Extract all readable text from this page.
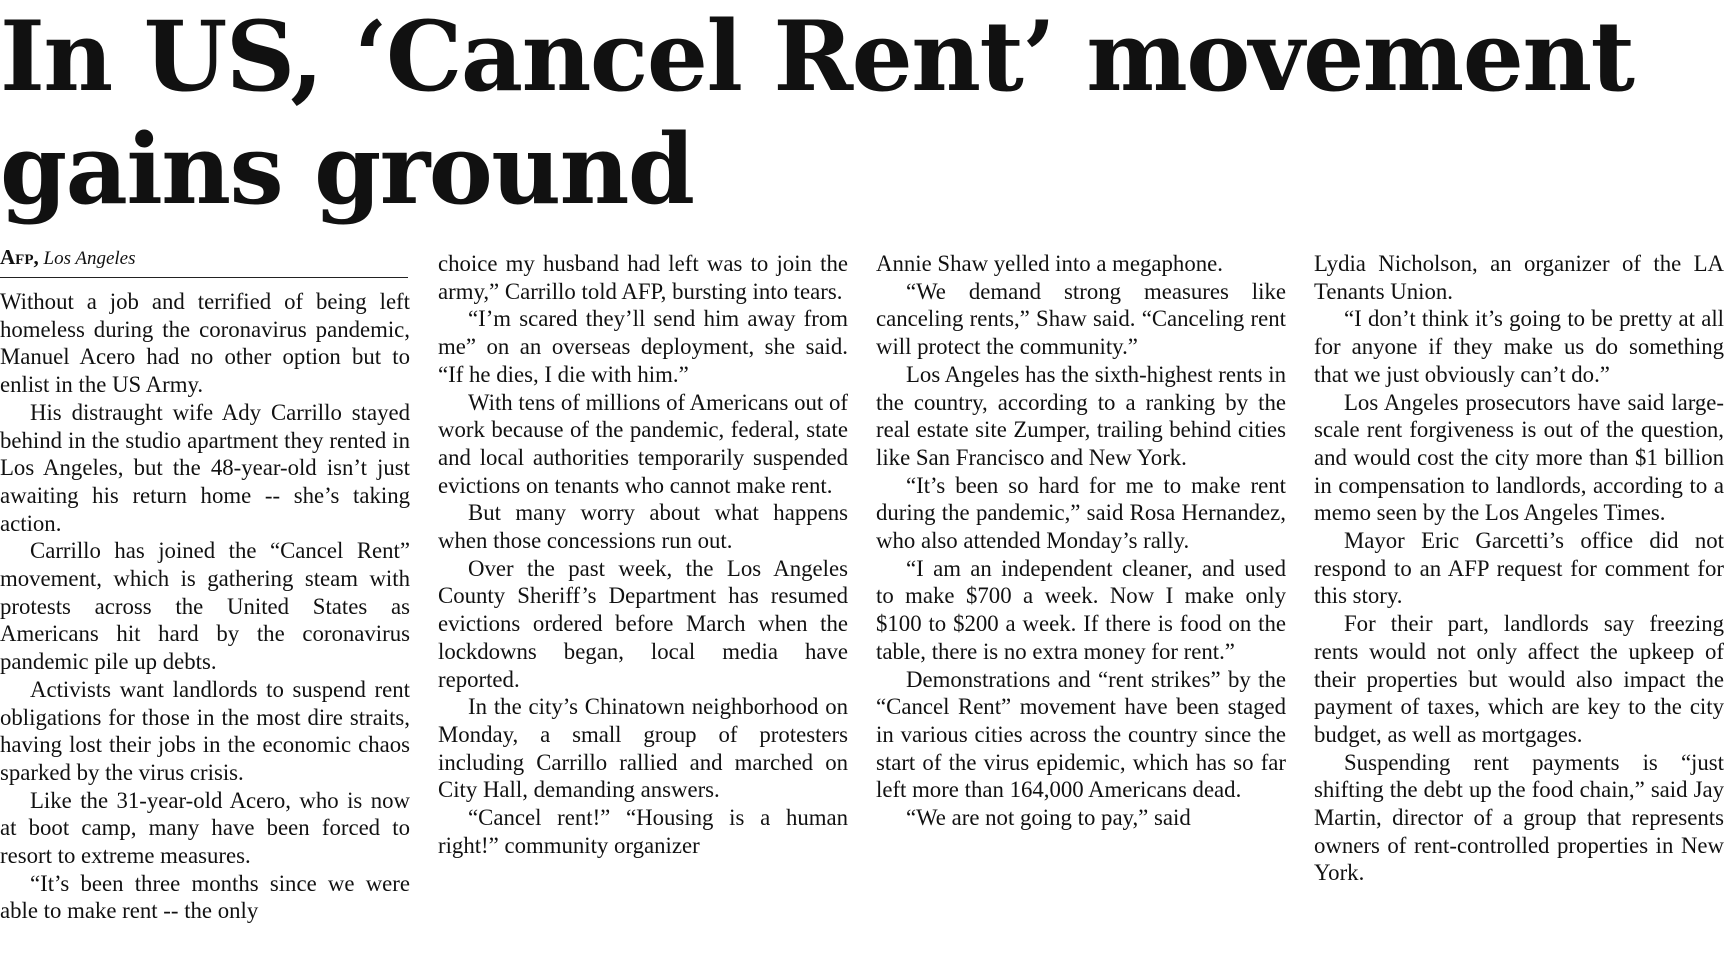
In US, ‘Cancel Rent’ movement gains ground
Afp, Los Angeles

Without a job and terrified of being left homeless during the coronavirus pandemic, Manuel Acero had no other option but to enlist in the US Army.

His distraught wife Ady Carrillo stayed behind in the studio apartment they rented in Los Angeles, but the 48-year-old isn’t just awaiting his return home -- she’s taking action.

Carrillo has joined the “Cancel Rent” movement, which is gathering steam with protests across the United States as Americans hit hard by the coronavirus pandemic pile up debts.

Activists want landlords to suspend rent obligations for those in the most dire straits, having lost their jobs in the economic chaos sparked by the virus crisis.

Like the 31-year-old Acero, who is now at boot camp, many have been forced to resort to extreme measures.

“It’s been three months since we were able to make rent -- the only

choice my husband had left was to join the army,” Carrillo told AFP, bursting into tears.

“I’m scared they’ll send him away from me” on an overseas deployment, she said. “If he dies, I die with him.”

With tens of millions of Americans out of work because of the pandemic, federal, state and local authorities temporarily suspended evictions on tenants who cannot make rent.

But many worry about what happens when those concessions run out.

Over the past week, the Los Angeles County Sheriff’s Department has resumed evictions ordered before March when the lockdowns began, local media have reported.

In the city’s Chinatown neighborhood on Monday, a small group of protesters including Carrillo rallied and marched on City Hall, demanding answers.

“Cancel rent!” “Housing is a human right!” community organizer

Annie Shaw yelled into a megaphone.

“We demand strong measures like canceling rents,” Shaw said. “Canceling rent will protect the community.”

Los Angeles has the sixth-highest rents in the country, according to a ranking by the real estate site Zumper, trailing behind cities like San Francisco and New York.

“It’s been so hard for me to make rent during the pandemic,” said Rosa Hernandez, who also attended Monday’s rally.

“I am an independent cleaner, and used to make $700 a week. Now I make only $100 to $200 a week. If there is food on the table, there is no extra money for rent.”

Demonstrations and “rent strikes” by the “Cancel Rent” movement have been staged in various cities across the country since the start of the virus epidemic, which has so far left more than 164,000 Americans dead.

“We are not going to pay,” said

Lydia Nicholson, an organizer of the LA Tenants Union.

“I don’t think it’s going to be pretty at all for anyone if they make us do something that we just obviously can’t do.”

Los Angeles prosecutors have said large-scale rent forgiveness is out of the question, and would cost the city more than $1 billion in compensation to landlords, according to a memo seen by the Los Angeles Times.

Mayor Eric Garcetti’s office did not respond to an AFP request for comment for this story.

For their part, landlords say freezing rents would not only affect the upkeep of their properties but would also impact the payment of taxes, which are key to the city budget, as well as mortgages.

Suspending rent payments is “just shifting the debt up the food chain,” said Jay Martin, director of a group that represents owners of rent-controlled properties in New York.
